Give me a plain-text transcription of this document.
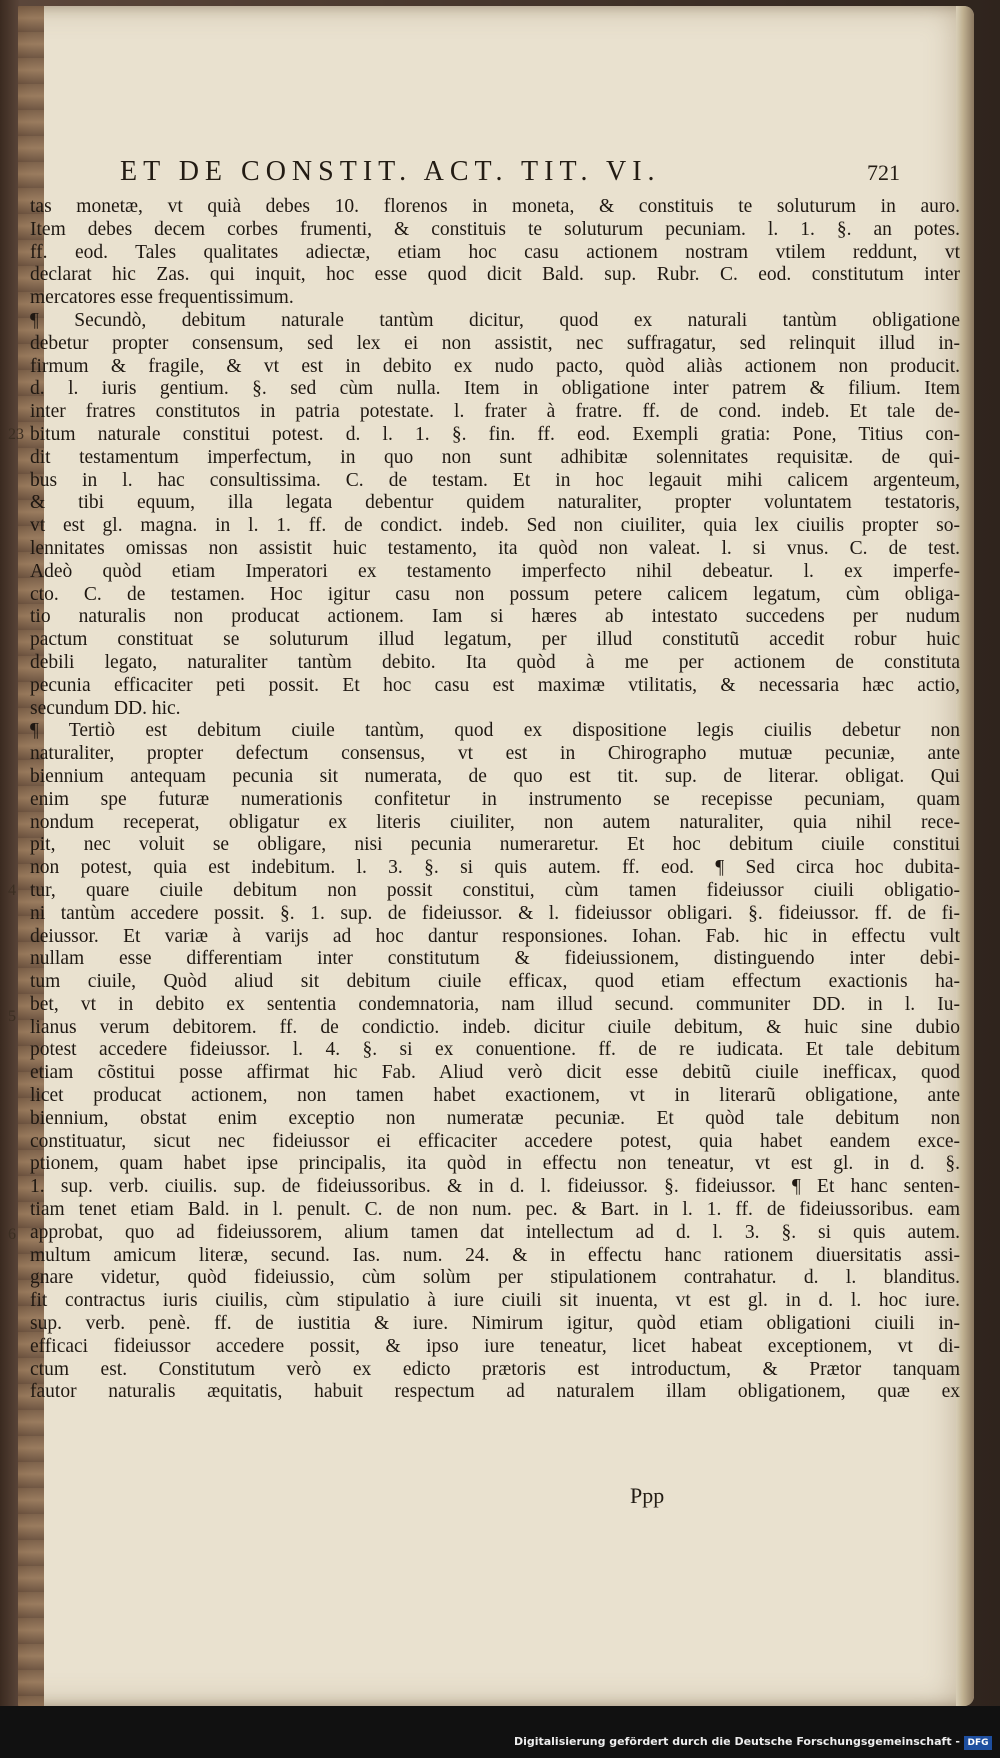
ET DE CONSTIT. ACT. TIT. VI.	721
23
4
5
6
tas monetæ, vt quià debes 10. florenos in moneta, & constituis te soluturum in auro.
Item debes decem corbes frumenti, & constituis te soluturum pecuniam. l. 1. §. an potes.
ff. eod. Tales qualitates adiectæ, etiam hoc casu actionem nostram vtilem reddunt, vt
declarat hic Zas. qui inquit, hoc esse quod dicit Bald. sup. Rubr. C. eod. constitutum inter
mercatores esse frequentissimum.
¶ Secundò, debitum naturale tantùm dicitur, quod ex naturali tantùm obligatione
debetur propter consensum, sed lex ei non assistit, nec suffragatur, sed relinquit illud in-
firmum & fragile, & vt est in debito ex nudo pacto, quòd aliàs actionem non producit.
d. l. iuris gentium. §. sed cùm nulla. Item in obligatione inter patrem & filium. Item
inter fratres constitutos in patria potestate. l. frater à fratre. ff. de cond. indeb. Et tale de-
bitum naturale constitui potest. d. l. 1. §. fin. ff. eod. Exempli gratia: Pone, Titius con-
dit testamentum imperfectum, in quo non sunt adhibitæ solennitates requisitæ. de qui-
bus in l. hac consultissima. C. de testam. Et in hoc legauit mihi calicem argenteum,
& tibi equum, illa legata debentur quidem naturaliter, propter voluntatem testatoris,
vt est gl. magna. in l. 1. ff. de condict. indeb. Sed non ciuiliter, quia lex ciuilis propter so-
lennitates omissas non assistit huic testamento, ita quòd non valeat. l. si vnus. C. de test.
Adeò quòd etiam Imperatori ex testamento imperfecto nihil debeatur. l. ex imperfe-
cto. C. de testamen. Hoc igitur casu non possum petere calicem legatum, cùm obliga-
tio naturalis non producat actionem. Iam si hæres ab intestato succedens per nudum
pactum constituat se soluturum illud legatum, per illud constitutũ accedit robur huic
debili legato, naturaliter tantùm debito. Ita quòd à me per actionem de constituta
pecunia efficaciter peti possit. Et hoc casu est maximæ vtilitatis, & necessaria hæc actio,
secundum DD. hic.
¶ Tertiò est debitum ciuile tantùm, quod ex dispositione legis ciuilis debetur non
naturaliter, propter defectum consensus, vt est in Chirographo mutuæ pecuniæ, ante
biennium antequam pecunia sit numerata, de quo est tit. sup. de literar. obligat. Qui
enim spe futuræ numerationis confitetur in instrumento se recepisse pecuniam, quam
nondum receperat, obligatur ex literis ciuiliter, non autem naturaliter, quia nihil rece-
pit, nec voluit se obligare, nisi pecunia numeraretur. Et hoc debitum ciuile constitui
non potest, quia est indebitum. l. 3. §. si quis autem. ff. eod. ¶ Sed circa hoc dubita-
tur, quare ciuile debitum non possit constitui, cùm tamen fideiussor ciuili obligatio-
ni tantùm accedere possit. §. 1. sup. de fideiussor. & l. fideiussor obligari. §. fideiussor. ff. de fi-
deiussor. Et variæ à varijs ad hoc dantur responsiones. Iohan. Fab. hic in effectu vult
nullam esse differentiam inter constitutum & fideiussionem, distinguendo inter debi-
tum ciuile, Quòd aliud sit debitum ciuile efficax, quod etiam effectum exactionis ha-
bet, vt in debito ex sententia condemnatoria, nam illud secund. communiter DD. in l. Iu-
lianus verum debitorem. ff. de condictio. indeb. dicitur ciuile debitum, & huic sine dubio
potest accedere fideiussor. l. 4. §. si ex conuentione. ff. de re iudicata. Et tale debitum
etiam cõstitui posse affirmat hic Fab. Aliud verò dicit esse debitũ ciuile inefficax, quod
licet producat actionem, non tamen habet exactionem, vt in literarũ obligatione, ante
biennium, obstat enim exceptio non numeratæ pecuniæ. Et quòd tale debitum non
constituatur, sicut nec fideiussor ei efficaciter accedere potest, quia habet eandem exce-
ptionem, quam habet ipse principalis, ita quòd in effectu non teneatur, vt est gl. in d. §.
1. sup. verb. ciuilis. sup. de fideiussoribus. & in d. l. fideiussor. §. fideiussor. ¶ Et hanc senten-
tiam tenet etiam Bald. in l. penult. C. de non num. pec. & Bart. in l. 1. ff. de fideiussoribus. eam
approbat, quo ad fideiussorem, alium tamen dat intellectum ad d. l. 3. §. si quis autem.
multum amicum literæ, secund. Ias. num. 24. & in effectu hanc rationem diuersitatis assi-
gnare videtur, quòd fideiussio, cùm solùm per stipulationem contrahatur. d. l. blanditus.
fit contractus iuris ciuilis, cùm stipulatio à iure ciuili sit inuenta, vt est gl. in d. l. hoc iure.
sup. verb. penè. ff. de iustitia & iure. Nimirum igitur, quòd etiam obligationi ciuili in-
efficaci fideiussor accedere possit, & ipso iure teneatur, licet habeat exceptionem, vt di-
ctum est. Constitutum verò ex edicto prætoris est introductum, & Prætor tanquam
fautor naturalis æquitatis, habuit respectum ad naturalem illam obligationem, quæ ex
Ppp
Digitalisierung gefördert durch die Deutsche Forschungsgemeinschaft - DFG
